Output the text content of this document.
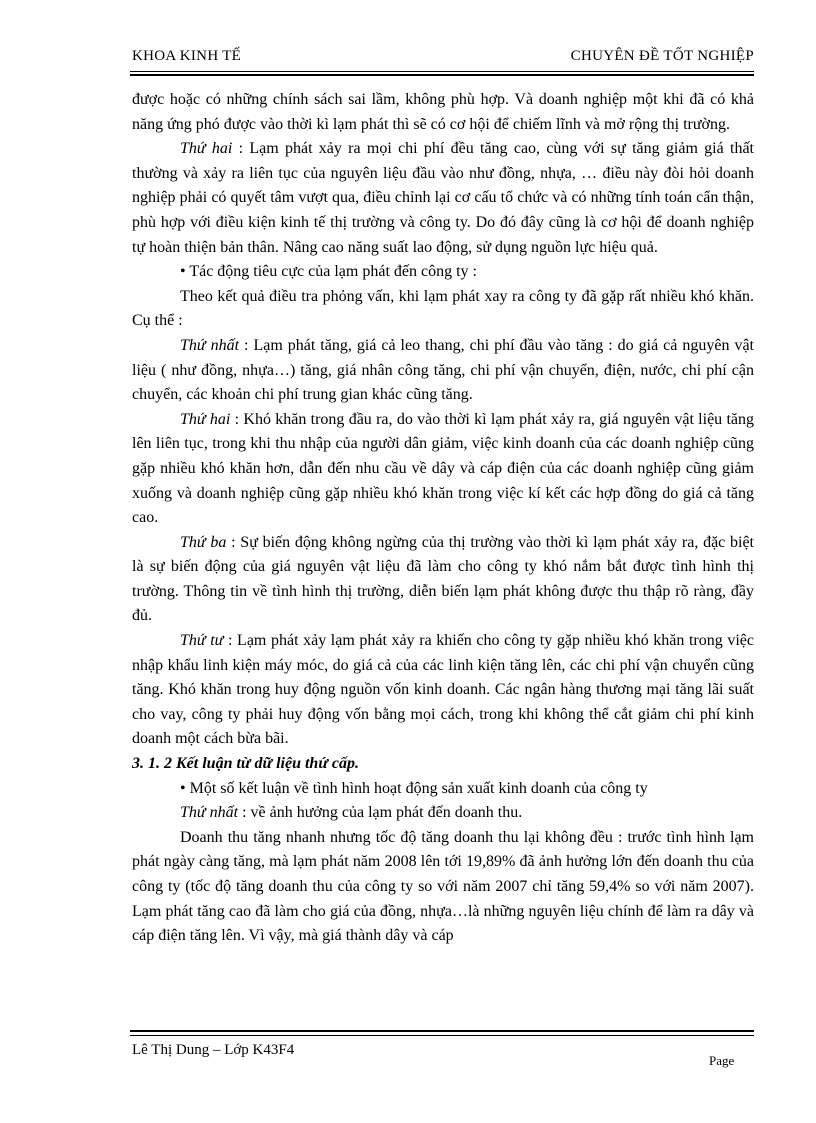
KHOA KINH TẾ	CHUYÊN ĐỀ TỐT NGHIỆP

được hoặc có những chính sách sai lầm, không phù hợp. Và doanh nghiệp một khi đã có khả năng ứng phó được vào thời kì lạm phát thì sẽ có cơ hội để chiếm lĩnh và mở rộng thị trường.

Thứ hai : Lạm phát xảy ra mọi chi phí đều tăng cao, cùng với sự tăng giảm giá thất thường và xảy ra liên tục của nguyên liệu đầu vào như đồng, nhựa, … điều này đòi hỏi doanh nghiệp phải có quyết tâm vượt qua, điều chỉnh lại cơ cấu tổ chức và có những tính toán cẩn thận, phù hợp với điều kiện kinh tế thị trường và công ty. Do đó đây cũng là cơ hội để doanh nghiệp tự hoàn thiện bản thân. Nâng cao năng suất lao động, sử dụng nguồn lực hiệu quả.

• Tác động tiêu cực của lạm phát đến công ty :

Theo kết quả điều tra phỏng vấn, khi lạm phát xay ra công ty đã gặp rất nhiều khó khăn. Cụ thể :

Thứ nhất : Lạm phát tăng, giá cả leo thang, chi phí đầu vào tăng : do giá cả nguyên vật liệu ( như đồng, nhựa…) tăng, giá nhân công tăng, chi phí vận chuyển, điện, nước, chi phí cận chuyển, các khoản chi phí trung gian khác cũng tăng.

Thứ hai : Khó khăn trong đầu ra, do vào thời kì lạm phát xảy ra, giá nguyên vật liệu tăng lên liên tục, trong khi thu nhập của người dân giảm, việc kinh doanh của các doanh nghiệp cũng gặp nhiều khó khăn hơn, dẫn đến nhu cầu về dây và cáp điện của các doanh nghiệp cũng giảm xuống và doanh nghiệp cũng gặp nhiều khó khăn trong việc kí kết các hợp đồng do giá cả tăng cao.

Thứ ba : Sự biến động không ngừng của thị trường vào thời kì lạm phát xảy ra, đặc biệt là sự biến động của giá nguyên vật liệu đã làm cho công ty khó nắm bắt được tình hình thị trường. Thông tin về tình hình thị trường, diễn biến lạm phát không được thu thập rõ ràng, đầy đủ.

Thứ tư : Lạm phát xảy lạm phát xảy ra khiến cho công ty gặp nhiều khó khăn trong việc nhập khẩu linh kiện máy móc, do giá cả của các linh kiện tăng lên, các chi phí vận chuyển cũng tăng. Khó khăn trong huy động nguồn vốn kinh doanh. Các ngân hàng thương mại tăng lãi suất cho vay, công ty phải huy động vốn bằng mọi cách, trong khi không thể cắt giảm chi phí kinh doanh một cách bừa bãi.

3. 1. 2 Kết luận từ dữ liệu thứ cấp.

• Một số kết luận về tình hình hoạt động sản xuất kinh doanh của công ty

Thứ nhất : về ảnh hưởng của lạm phát đến doanh thu.

Doanh thu tăng nhanh nhưng tốc độ tăng doanh thu lại không đều : trước tình hình lạm phát ngày càng tăng, mà lạm phát năm 2008 lên tới 19,89% đã ảnh hưởng lớn đến doanh thu của công ty (tốc độ tăng doanh thu của công ty so với năm 2007 chỉ tăng 59,4% so với năm 2007). Lạm phát tăng cao đã làm cho giá của đồng, nhựa…là những nguyên liệu chính để làm ra dây và cáp điện tăng lên. Vì vậy, mà giá thành dây và cáp

Lê Thị Dung – Lớp K43F4
Page
